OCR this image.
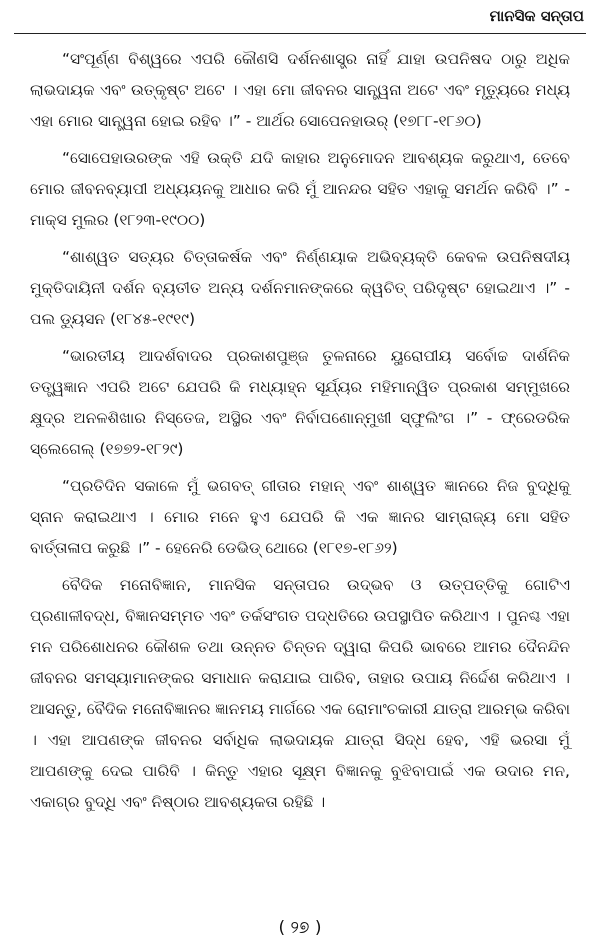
ମାନସିକ ସନ୍ତାପ

“ସଂପୂର୍ଣ୍ଣ ବିଶ୍ୱରେ ଏପରି କୌଣସି ଦର୍ଶନଶାସ୍ତ୍ର ନାହିଁ ଯାହା ଉପନିଷଦ ଠାରୁ ଅଧିକ ଲାଭଦାୟକ ଏବଂ ଉତ୍କୃଷ୍ଟ ଅଟେ । ଏହା ମୋ ଜୀବନର ସାନ୍ତ୍ୱନା ଅଟେ ଏବଂ ମୃତ୍ୟୁରେ ମଧ୍ୟ ଏହା ମୋର ସାନ୍ତ୍ୱନା ହୋଇ ରହିବ ।” - ଆର୍ଥର ସୋପେନହାଉର୍‌ (୧୭୮୮-୧୮୬୦)

“ସୋପେହାଉରଙ୍କ ଏହି ଉକ୍ତି ଯଦି କାହାର ଅନୁମୋଦନ ଆବଶ୍ୟକ କରୁଥାଏ, ତେବେ ମୋର ଜୀବନବ୍ୟାପୀ ଅଧ୍ୟୟନକୁ ଆଧାର କରି ମୁଁ ଆନନ୍ଦର ସହିତ ଏହାକୁ ସମର୍ଥନ କରିବି ।” - ମାକ୍ସ ମୁଲର (୧୮୨୩-୧୯୦୦)

“ଶାଶ୍ୱତ ସତ୍ୟର ଚିତ୍ତାକର୍ଷକ ଏବଂ ନିର୍ଣ୍ଣୟାକ ଅଭିବ୍ୟକ୍ତି କେବଳ ଉପନିଷଦୀୟ ମୁକ୍ତିଦାୟିନୀ ଦର୍ଶନ ବ୍ୟତୀତ ଅନ୍ୟ ଦର୍ଶନମାନଙ୍କରେ କ୍ୱଚିତ୍‌ ପରିଦୃଷ୍ଟ ହୋଇଥାଏ ।” - ପଲ ଡ୍ୟୁସନ (୧୮୪୫-୧୯୧୯)

“ଭାରତୀୟ ଆଦର୍ଶବାଦର ପ୍ରକାଶପୁଞ୍ଜ ତୁଳନାରେ ୟୁରୋପୀୟ ସର୍ବୋଚ୍ଚ ଦାର୍ଶନିକ ତତ୍ତ୍ୱଜ୍ଞାନ ଏପରି ଅଟେ ଯେପରି କି ମଧ୍ୟାହ୍ନ ସୂର୍ଯ୍ୟର ମହିମାନ୍ୱିତ ପ୍ରକାଶ ସମ୍ମୁଖରେ କ୍ଷୁଦ୍ର ଅନଳଶିଖାର ନିସ୍ତେଜ, ଅସ୍ଥିର ଏବଂ ନିର୍ବାପଣୋନ୍ମୁଖୀ ସ୍ଫୁଲିଂଗ ।” - ଫ୍ରେଡରିକ ସ୍ଲେଗେଲ୍‌ (୧୭୭୨-୧୮୨୯)

“ପ୍ରତିଦିନ ସକାଳେ ମୁଁ ଭଗବତ୍‌ ଗୀତାର ମହାନ୍‌ ଏବଂ ଶାଶ୍ୱତ ଜ୍ଞାନରେ ନିଜ ବୁଦ୍ଧିକୁ ସ୍ନାନ କରାଇଥାଏ । ମୋର ମନେ ହୁଏ ଯେପରି କି ଏକ ଜ୍ଞାନର ସାମ୍ରାଜ୍ୟ ମୋ ସହିତ ବାର୍ତ୍ତାଳାପ କରୁଛି ।” - ହେନେରି ଡେଭିଡ୍‌ ଥୋରେ (୧୮୧୭-୧୮୬୨)

ବୈଦିକ ମନୋବିଜ୍ଞାନ, ମାନସିକ ସନ୍ତାପର ଉଦ୍ଭବ ଓ ଉତ୍ପତ୍ତିକୁ ଗୋଟିଏ ପ୍ରଣାଳୀବଦ୍ଧ, ବିଜ୍ଞାନସମ୍ମତ ଏବଂ ତର୍କସଂଗତ ପଦ୍ଧତିରେ ଉପସ୍ଥାପିତ କରିଥାଏ । ପୁନଶ୍ଚ ଏହା ମନ ପରିଶୋଧନର କୌଶଳ ତଥା ଉନ୍ନତ ଚିନ୍ତନ ଦ୍ୱାରା କିପରି ଭାବରେ ଆମର ଦୈନନ୍ଦିନ ଜୀବନର ସମସ୍ୟାମାନଙ୍କର ସମାଧାନ କରାଯାଇ ପାରିବ, ତାହାର ଉପାୟ ନିର୍ଦ୍ଦେଶ କରିଥାଏ । ଆସନ୍ତୁ, ବୈଦିକ ମନୋବିଜ୍ଞାନର ଜ୍ଞାନମୟ ମାର୍ଗରେ ଏକ ରୋମାଂଚକାରୀ ଯାତ୍ରା ଆରମ୍ଭ କରିବା । ଏହା ଆପଣଙ୍କ ଜୀବନର ସର୍ବାଧିକ ଲାଭଦାୟକ ଯାତ୍ରା ସିଦ୍ଧ ହେବ, ଏହି ଭରସା ମୁଁ ଆପଣଙ୍କୁ ଦେଇ ପାରିବି । କିନ୍ତୁ ଏହାର ସୂକ୍ଷ୍ମ ବିଜ୍ଞାନକୁ ବୁଝିବାପାଇଁ ଏକ ଉଦାର ମନ, ଏକାଗ୍ର ବୁଦ୍ଧି ଏବଂ ନିଷ୍ଠାର ଆବଶ୍ୟକତା ରହିଛି ।

( ୨୭ )
